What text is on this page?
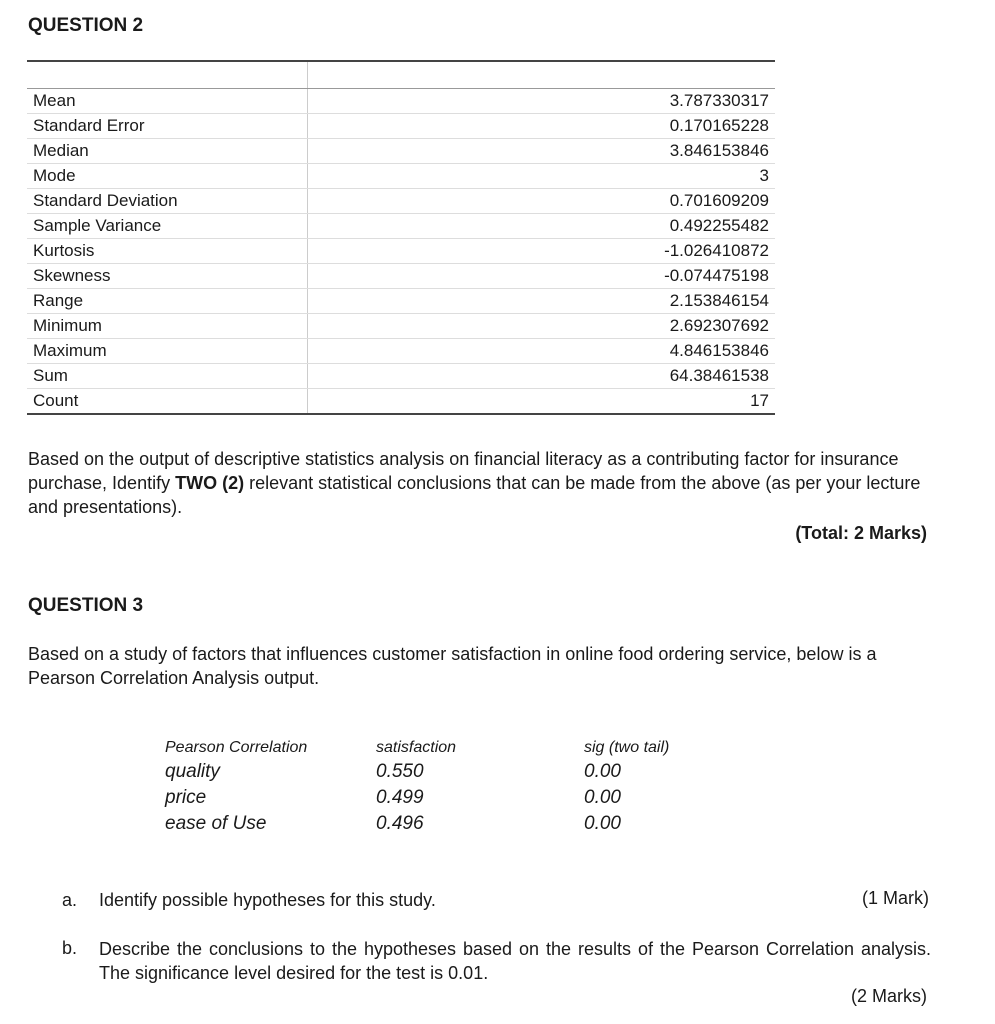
QUESTION 2

Mean	3.787330317
Standard Error	0.170165228
Median	3.846153846
Mode	3
Standard Deviation	0.701609209
Sample Variance	0.492255482
Kurtosis	-1.026410872
Skewness	-0.074475198
Range	2.153846154
Minimum	2.692307692
Maximum	4.846153846
Sum	64.38461538
Count	17
Based on the output of descriptive statistics analysis on financial literacy as a contributing factor for insurance purchase, Identify TWO (2) relevant statistical conclusions that can be made from the above (as per your lecture and presentations).
(Total: 2 Marks)
QUESTION 3
Based on a study of factors that influences customer satisfaction in online food ordering service, below is a Pearson Correlation Analysis output.
Pearson Correlation	satisfaction	sig (two tail)
quality	0.550	0.00
price	0.499	0.00
ease of Use	0.496	0.00
a. Identify possible hypotheses for this study.	(1 Mark)
b. Describe the conclusions to the hypotheses based on the results of the Pearson Correlation analysis. The significance level desired for the test is 0.01.
(2 Marks)
